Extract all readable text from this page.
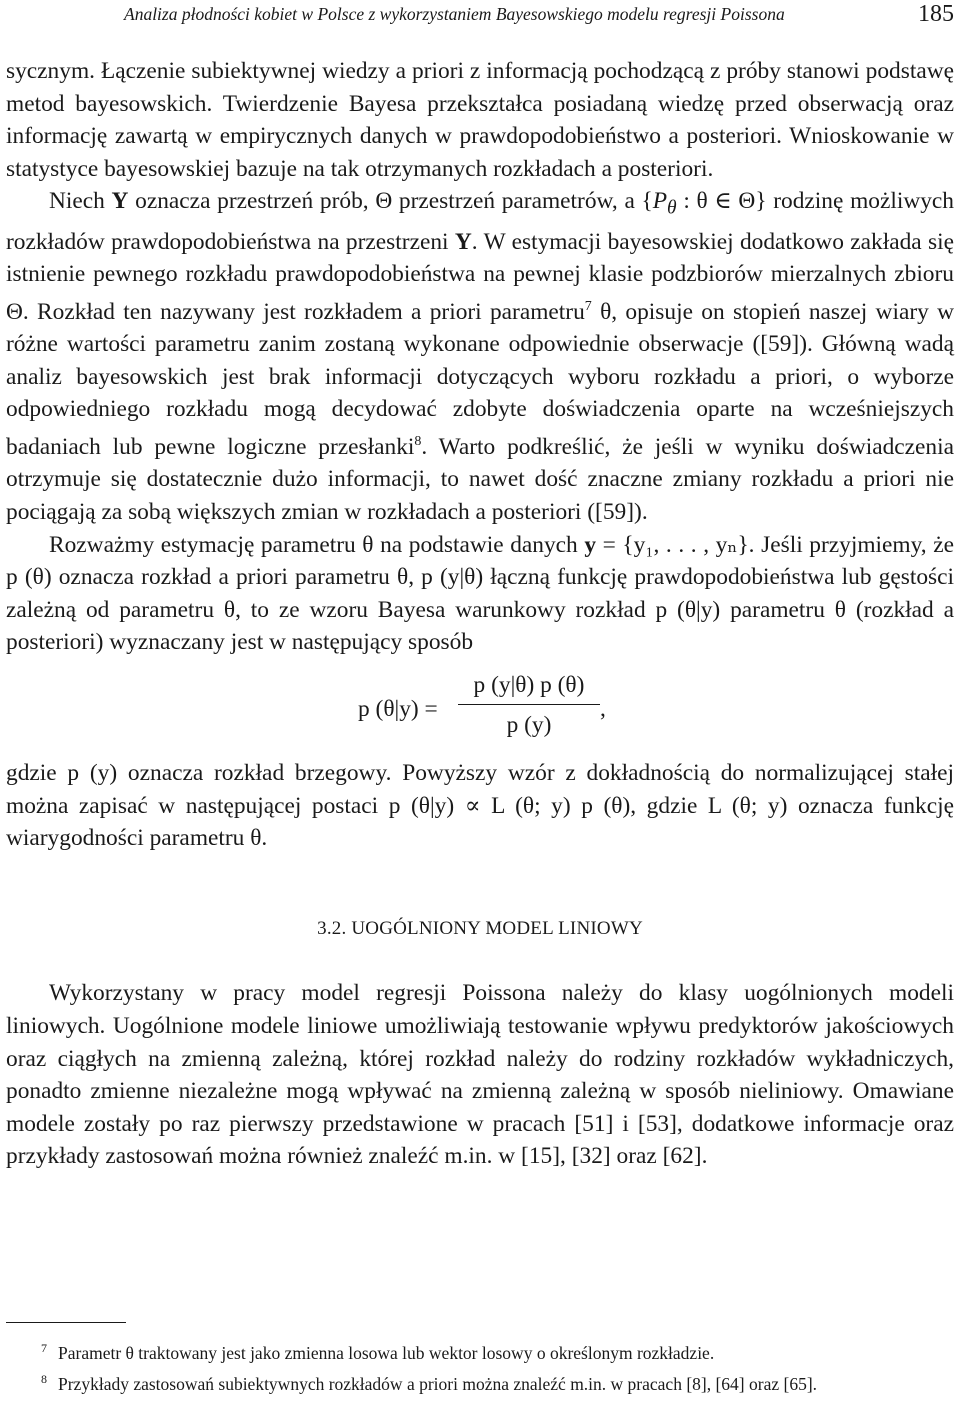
Analiza płodności kobiet w Polsce z wykorzystaniem Bayesowskiego modelu regresji Poissona	185

sycznym. Łączenie subiektywnej wiedzy a priori z informacją pochodzącą z próby stanowi podstawę metod bayesowskich. Twierdzenie Bayesa przekształca posiadaną wiedzę przed obserwacją oraz informację zawartą w empirycznych danych w prawdopodobieństwo a posteriori. Wnioskowanie w statystyce bayesowskiej bazuje na tak otrzymanych rozkładach a posteriori.

Niech Y oznacza przestrzeń prób, Θ przestrzeń parametrów, a {$P_\theta$ : θ ∈ Θ} rodzinę możliwych rozkładów prawdopodobieństwa na przestrzeni Y. W estymacji bayesowskiej dodatkowo zakłada się istnienie pewnego rozkładu prawdopodobieństwa na pewnej klasie podzbiorów mierzalnych zbioru Θ. Rozkład ten nazywany jest rozkładem a priori parametru$^7$ θ, opisuje on stopień naszej wiary w różne wartości parametru zanim zostaną wykonane odpowiednie obserwacje ([59]). Główną wadą analiz bayesowskich jest brak informacji dotyczących wyboru rozkładu a priori, o wyborze odpowiedniego rozkładu mogą decydować zdobyte doświadczenia oparte na wcześniejszych badaniach lub pewne logiczne przesłanki$^8$. Warto podkreślić, że jeśli w wyniku doświadczenia otrzymuje się dostatecznie dużo informacji, to nawet dość znaczne zmiany rozkładu a priori nie pociągają za sobą większych zmian w rozkładach a posteriori ([59]).

Rozważmy estymację parametru θ na podstawie danych y = {y₁, . . . , yₙ}. Jeśli przyjmiemy, że p (θ) oznacza rozkład a priori parametru θ, p (y|θ) łączną funkcję prawdopodobieństwa lub gęstości zależną od parametru θ, to ze wzoru Bayesa warunkowy rozkład p (θ|y) parametru θ (rozkład a posteriori) wyznaczany jest w następujący sposób

p $(\theta|y) = \frac{p (y|\theta) p (\theta)}{p (y)}$ ,

gdzie p (y) oznacza rozkład brzegowy. Powyższy wzór z dokładnością do normalizującej stałej można zapisać w następującej postaci p (θ|y) ∝ L (θ; y) p (θ), gdzie L (θ; y) oznacza funkcję wiarygodności parametru θ.

3.2. UOGÓLNIONY MODEL LINIOWY

Wykorzystany w pracy model regresji Poissona należy do klasy uogólnionych modeli liniowych. Uogólnione modele liniowe umożliwiają testowanie wpływu predyktorów jakościowych oraz ciągłych na zmienną zależną, której rozkład należy do rodziny rozkładów wykładniczych, ponadto zmienne niezależne mogą wpływać na zmienną zależną w sposób nieliniowy. Omawiane modele zostały po raz pierwszy przedstawione w pracach [51] i [53], dodatkowe informacje oraz przykłady zastosowań można również znaleźć m.in. w [15], [32] oraz [62].

$^7$ Parametr θ traktowany jest jako zmienna losowa lub wektor losowy o określonym rozkładzie.

$^8$ Przykłady zastosowań subiektywnych rozkładów a priori można znaleźć m.in. w pracach [8], [64] oraz [65].
